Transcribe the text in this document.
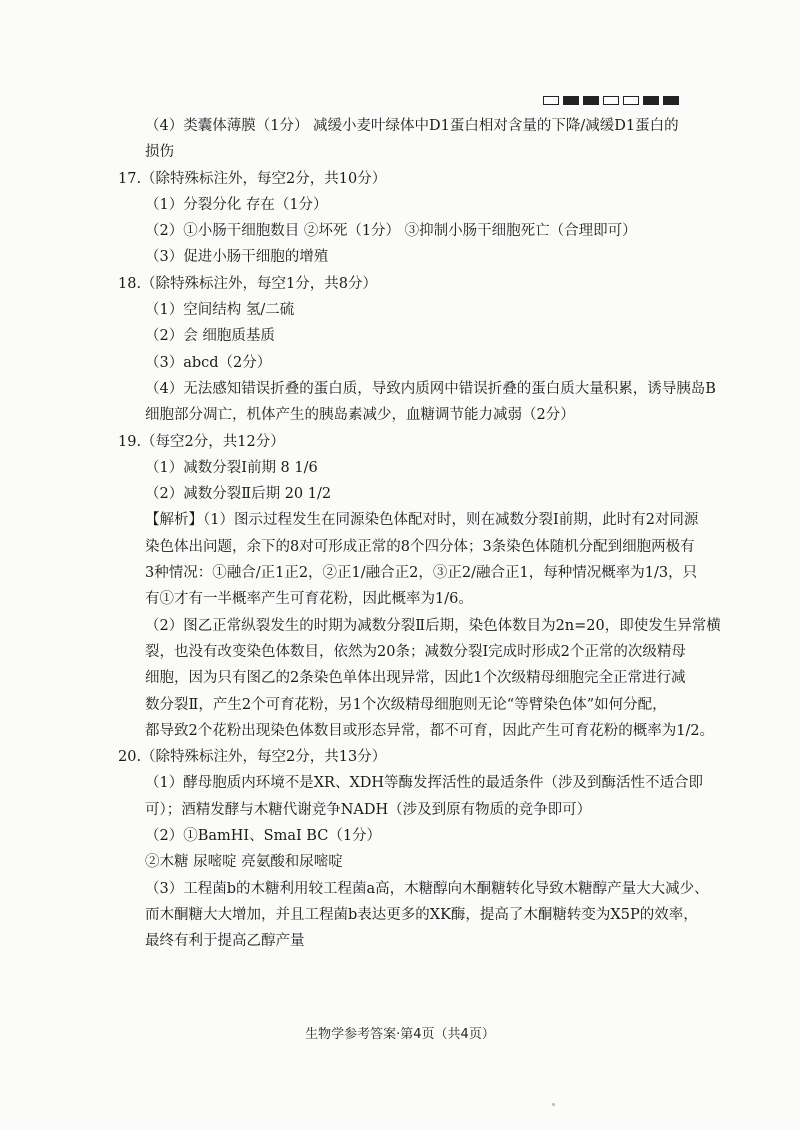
（4）类囊体薄膜（1分） 减缓小麦叶绿体中D1蛋白相对含量的下降/减缓D1蛋白的
损伤
17.（除特殊标注外，每空2分，共10分）
（1）分裂分化 存在（1分）
（2）①小肠干细胞数目 ②坏死（1分） ③抑制小肠干细胞死亡（合理即可）
（3）促进小肠干细胞的增殖
18.（除特殊标注外，每空1分，共8分）
（1）空间结构 氢/二硫
（2）会 细胞质基质
（3）abcd（2分）
（4）无法感知错误折叠的蛋白质，导致内质网中错误折叠的蛋白质大量积累，诱导胰岛B
细胞部分凋亡，机体产生的胰岛素减少，血糖调节能力减弱（2分）
19.（每空2分，共12分）
（1）减数分裂Ⅰ前期 8 1/6
（2）减数分裂Ⅱ后期 20 1/2
【解析】（1）图示过程发生在同源染色体配对时，则在减数分裂Ⅰ前期，此时有2对同源
染色体出问题，余下的8对可形成正常的8个四分体；3条染色体随机分配到细胞两极有
3种情况：①融合/正1正2，②正1/融合正2，③正2/融合正1，每种情况概率为1/3，只
有①才有一半概率产生可育花粉，因此概率为1/6。
（2）图乙正常纵裂发生的时期为减数分裂Ⅱ后期，染色体数目为2n=20，即使发生异常横
裂，也没有改变染色体数目，依然为20条；减数分裂Ⅰ完成时形成2个正常的次级精母
细胞，因为只有图乙的2条染色单体出现异常，因此1个次级精母细胞完全正常进行减
数分裂Ⅱ，产生2个可育花粉，另1个次级精母细胞则无论“等臂染色体”如何分配，
都导致2个花粉出现染色体数目或形态异常，都不可育，因此产生可育花粉的概率为1/2。
20.（除特殊标注外，每空2分，共13分）
（1）酵母胞质内环境不是XR、XDH等酶发挥活性的最适条件（涉及到酶活性不适合即
可）；酒精发酵与木糖代谢竞争NADH（涉及到原有物质的竞争即可）
（2）①BamHⅠ、SmaⅠ BC（1分）
②木糖 尿嘧啶 亮氨酸和尿嘧啶
（3）工程菌b的木糖利用较工程菌a高，木糖醇向木酮糖转化导致木糖醇产量大大减少、
而木酮糖大大增加，并且工程菌b表达更多的XK酶，提高了木酮糖转变为X5P的效率，
最终有利于提高乙醇产量
生物学参考答案·第4页（共4页）
